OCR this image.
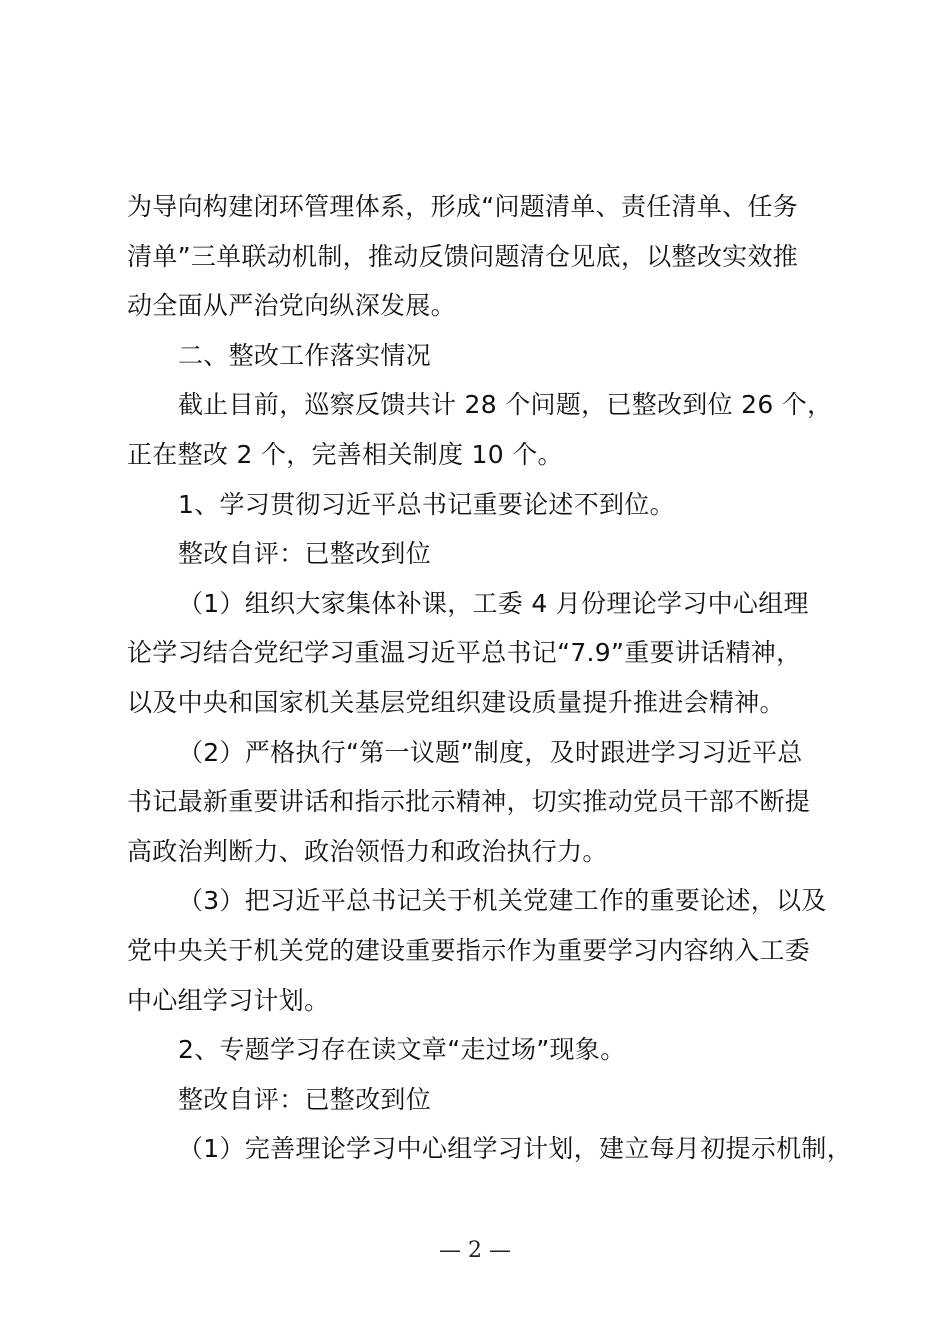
为导向构建闭环管理体系，形成“问题清单、责任清单、任务
清单”三单联动机制，推动反馈问题清仓见底，以整改实效推
动全面从严治党向纵深发展。
二、整改工作落实情况
截止目前，巡察反馈共计 28 个问题，已整改到位 26 个，
正在整改 2 个，完善相关制度 10 个。
1、学习贯彻习近平总书记重要论述不到位。
整改自评：已整改到位
（1）组织大家集体补课，工委 4 月份理论学习中心组理
论学习结合党纪学习重温习近平总书记“7.9”重要讲话精神，
以及中央和国家机关基层党组织建设质量提升推进会精神。
（2）严格执行“第一议题”制度，及时跟进学习习近平总
书记最新重要讲话和指示批示精神，切实推动党员干部不断提
高政治判断力、政治领悟力和政治执行力。
（3）把习近平总书记关于机关党建工作的重要论述，以及
党中央关于机关党的建设重要指示作为重要学习内容纳入工委
中心组学习计划。
2、专题学习存在读文章“走过场”现象。
整改自评：已整改到位
（1）完善理论学习中心组学习计划，建立每月初提示机制，
— 2 —
